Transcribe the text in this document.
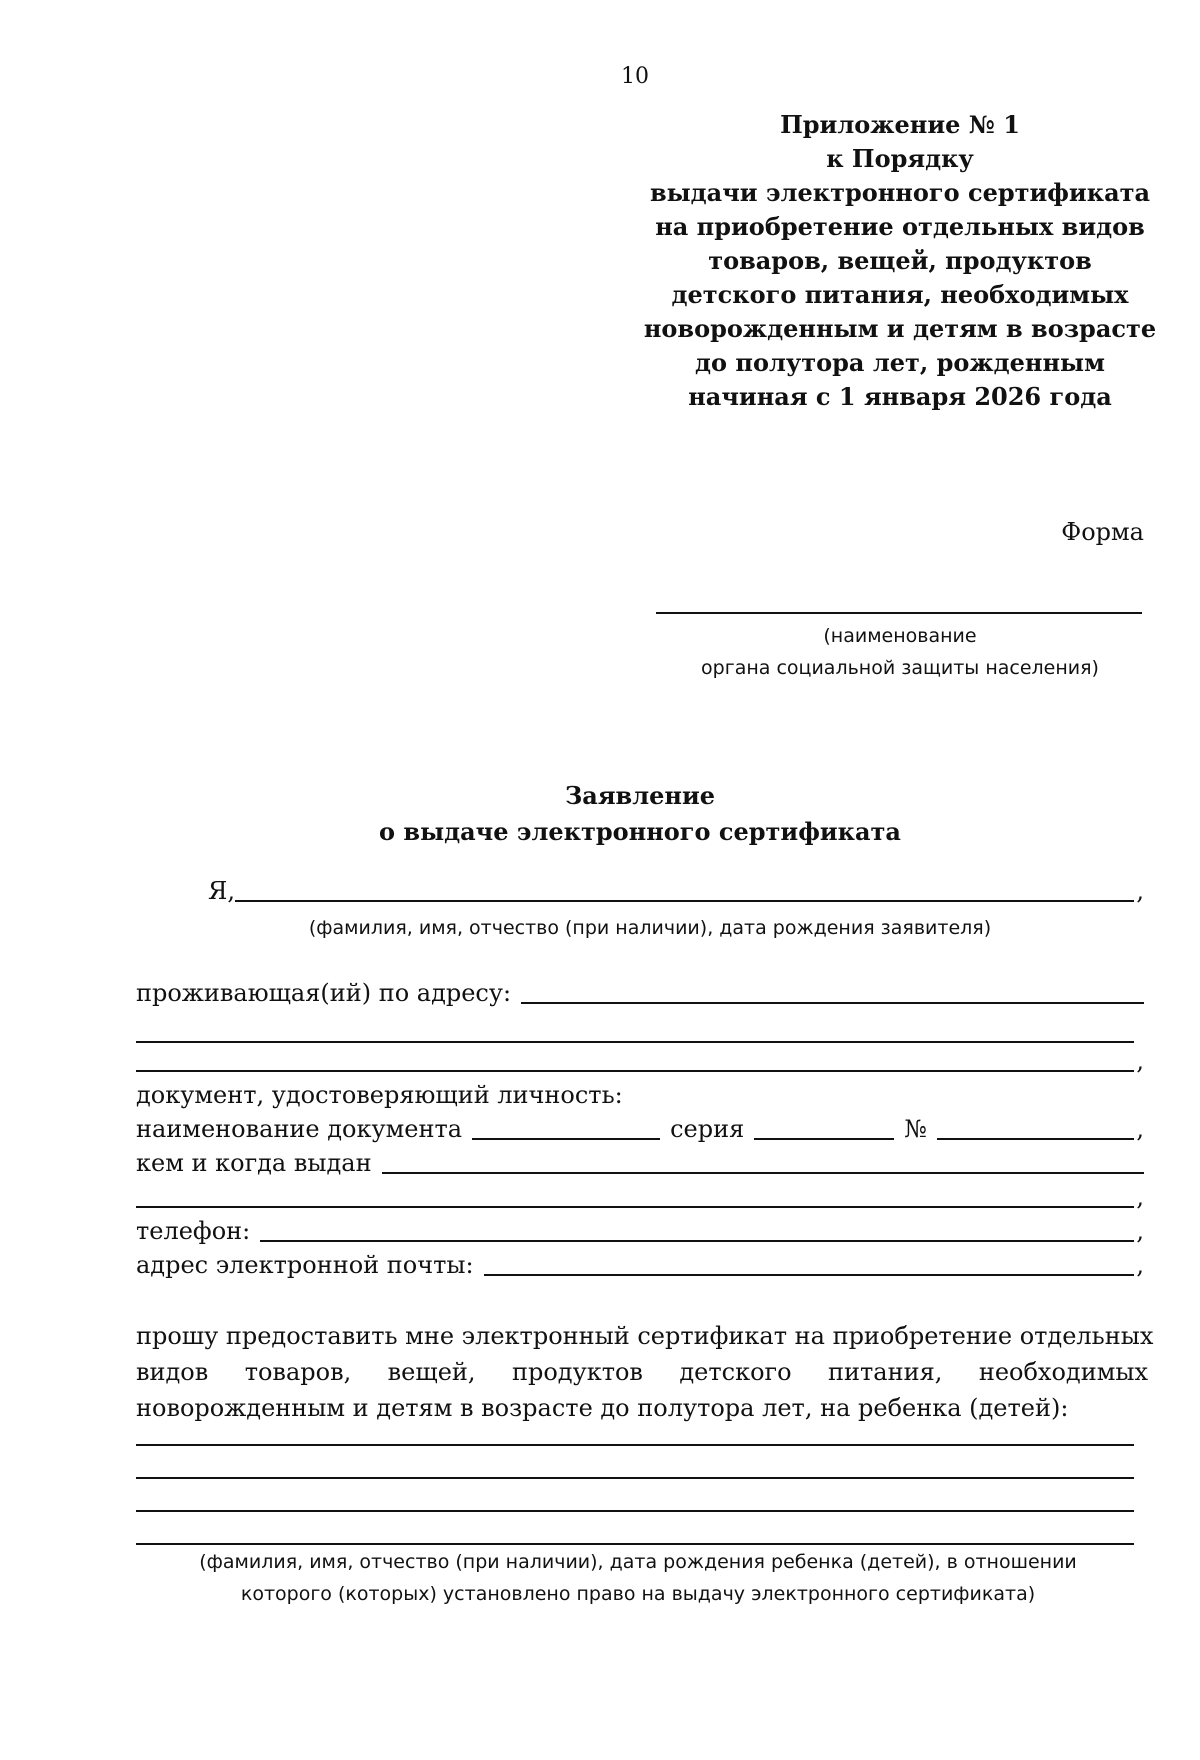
10
Приложение № 1
к Порядку
выдачи электронного сертификата
на приобретение отдельных видов
товаров, вещей, продуктов
детского питания, необходимых
новорожденным и детям в возрасте
до полутора лет, рожденным
начиная с 1 января 2026 года
Форма
(наименование
органа социальной защиты населения)
Заявление
о выдаче электронного сертификата
Я,	,
(фамилия, имя, отчество (при наличии), дата рождения заявителя)
проживающая(ий) по адресу:
,
документ, удостоверяющий личность:
наименование документа	серия	№	,
кем и когда выдан
,
телефон:	,
адрес электронной почты:	,
прошу предоставить мне электронный сертификат на приобретение отдельных
видов товаров, вещей, продуктов детского питания, необходимых
новорожденным и детям в возрасте до полутора лет, на ребенка (детей):
(фамилия, имя, отчество (при наличии), дата рождения ребенка (детей), в отношении
которого (которых) установлено право на выдачу электронного сертификата)
